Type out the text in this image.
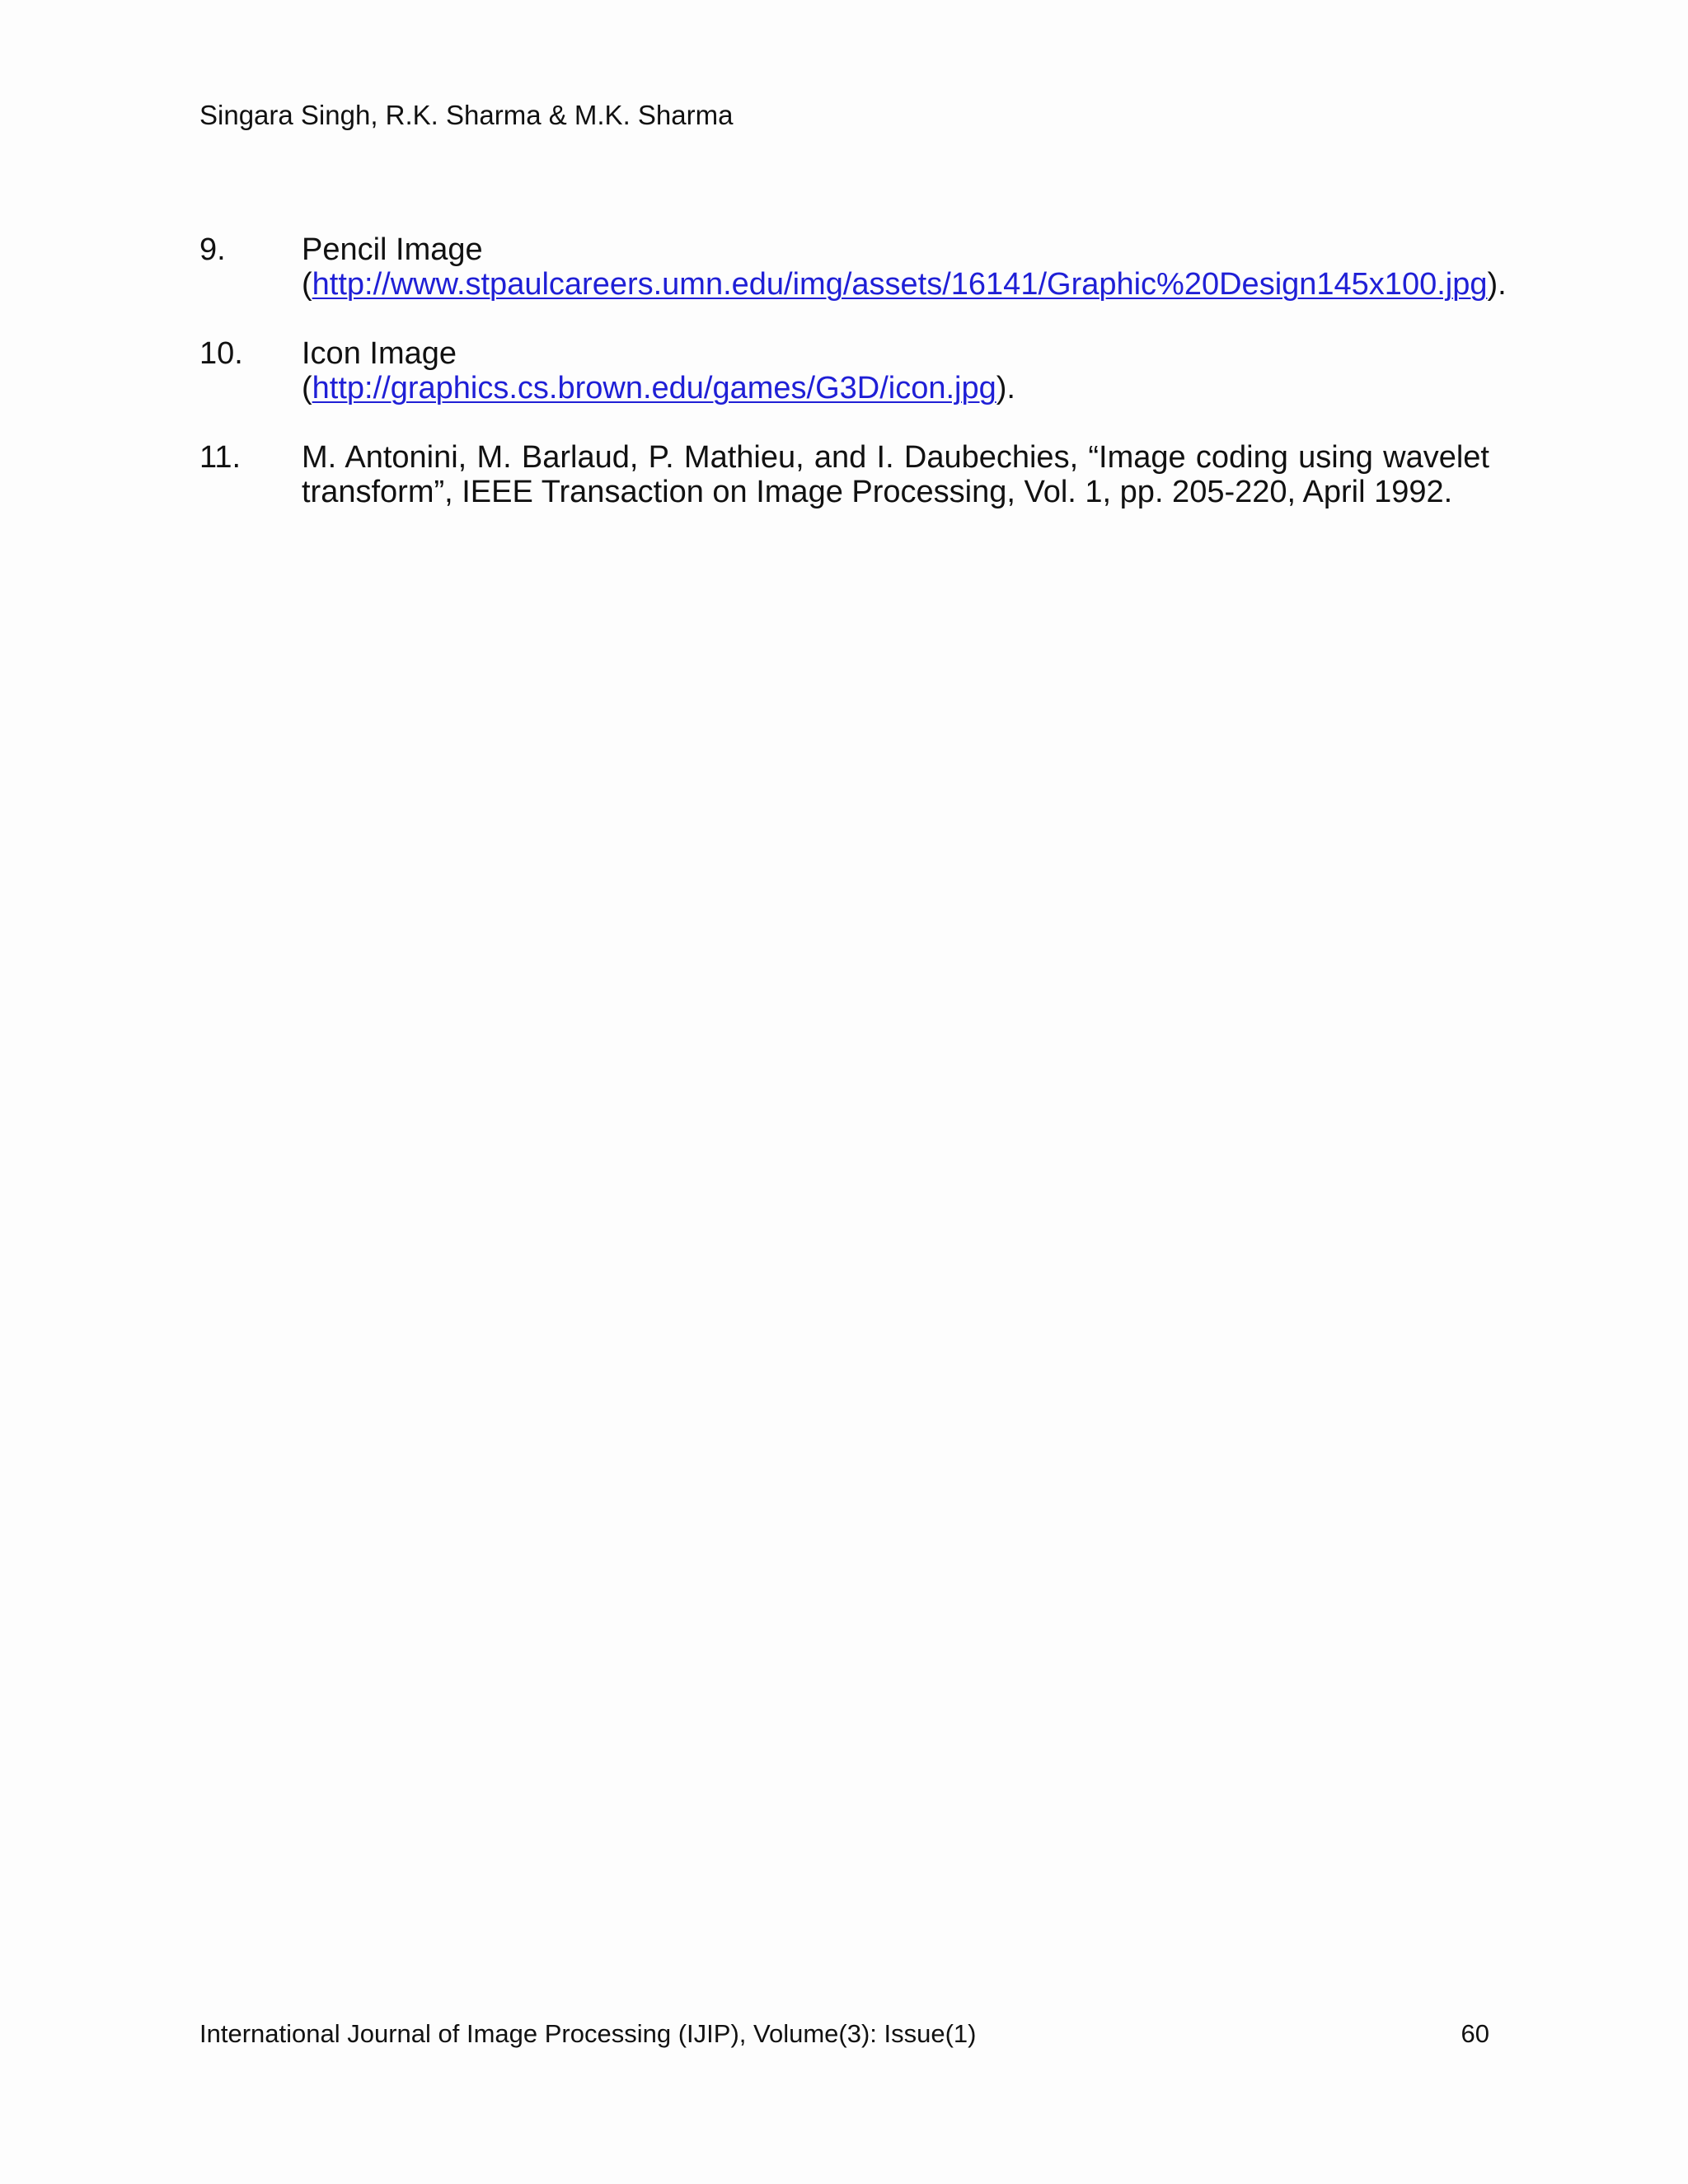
Singara Singh, R.K. Sharma & M.K. Sharma
9. Pencil Image
(http://www.stpaulcareers.umn.edu/img/assets/16141/Graphic%20Design145x100.jpg).
10. Icon Image
(http://graphics.cs.brown.edu/games/G3D/icon.jpg).
11. M. Antonini, M. Barlaud, P. Mathieu, and I. Daubechies, “Image coding using wavelet transform”, IEEE Transaction on Image Processing, Vol. 1, pp. 205-220, April 1992.
International Journal of Image Processing (IJIP), Volume(3): Issue(1)	60
